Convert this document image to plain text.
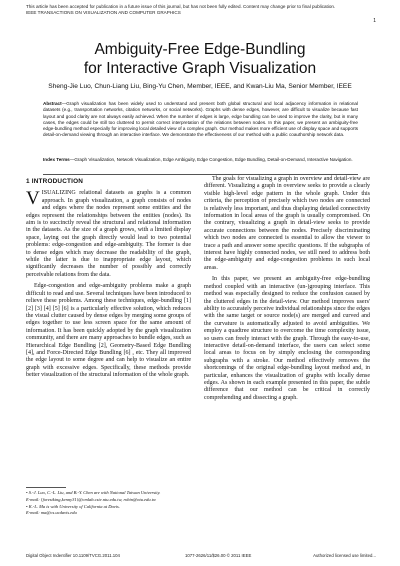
This article has been accepted for publication in a future issue of this journal, but has not been fully edited. Content may change prior to final publication.
IEEE TRANSACTIONS ON VISUALIZATION AND COMPUTER GRAPHICS
1
Ambiguity-Free Edge-Bundling
for Interactive Graph Visualization
Sheng-Jie Luo, Chun-Liang Liu, Bing-Yu Chen, Member, IEEE, and Kwan-Liu Ma, Senior Member, IEEE
Abstract—Graph visualization has been widely used to understand and present both global structural and local adjacency information in relational datasets (e.g., transportation networks, citation networks, or social networks). Graphs with dense edges, however, are difficult to visualize because fast layout and good clarity are not always easily achieved. When the number of edges is large, edge bundling can be used to improve the clarity, but in many cases, the edges could be still too cluttered to permit correct interpretation of the relations between nodes. In this paper, we present an ambiguity-free edge-bundling method especially for improving local detailed view of a complex graph. Our method makes more efficient use of display space and supports detail-on-demand viewing through an interactive interface. We demonstrate the effectiveness of our method with a public coauthorship network data.
Index Terms—Graph Visualization, Network Visualization, Edge Ambiguity, Edge Congestion, Edge Bundling, Detail-on-Demand, Interactive Navigation.
1 INTRODUCTION

VISUALIZING relational datasets as graphs is a common approach. In graph visualization, a graph consists of nodes and edges where the nodes represent some entities and the edges represent the relationships between the entities (nodes). Its aim is to succinctly reveal the structural and relational information in the datasets. As the size of a graph grows, with a limited display space, laying out the graph directly would lead to two potential problems: edge-congestion and edge-ambiguity. The former is due to dense edges which may decrease the readability of the graph, while the latter is due to inappropriate edge layout, which significantly decreases the number of possibly and correctly perceivable relations from the data.

Edge-congestion and edge-ambiguity problems make a graph difficult to read and use. Several techniques have been introduced to relieve these problems. Among these techniques, edge-bundling [1] [2] [3] [4] [5] [6] is a particularly effective solution, which reduces the visual clutter caused by dense edges by merging some groups of edges together to use less screen space for the same amount of information. It has been quickly adopted by the graph visualization community, and there are many approaches to bundle edges, such as Hierarchical Edge Bundling [2], Geometry-Based Edge Bundling [4], and Force-Directed Edge Bundling [6] , etc. They all improved the edge layout to some degree and can help to visualize an entire graph with excessive edges. Specifically, these methods provide better visualization of the structural information of the whole graph.

The goals for visualizing a graph in overview and detail-view are different. Visualizing a graph in overview seeks to provide a clearly visible high-level edge pattern in the whole graph. Under this criteria, the perception of precisely which two nodes are connected is relatively less important, and thus displaying detailed connectivity information in local areas of the graph is usually compromised. On the contrary, visualizing a graph in detail-view seeks to provide accurate connections between the nodes. Precisely discriminating which two nodes are connected is essential to allow the viewer to trace a path and answer some specific questions. If the subgraphs of interest have highly connected nodes, we still need to address both the edge-ambiguity and edge-congestion problems in such local areas.

In this paper, we present an ambiguity-free edge-bundling method coupled with an interactive (un-)grouping interface. This method was especially designed to reduce the confusion caused by the cluttered edges in the detail-view. Our method improves users' ability to accurately perceive individual relationships since the edges with the same target or source node(s) are merged and curved and the curvature is automatically adjusted to avoid ambiguities. We employ a quadtree structure to overcome the time complexity issue, so users can freely interact with the graph. Through the easy-to-use, interactive detail-on-demand interface, the users can select some local areas to focus on by simply enclosing the corresponding subgraphs with a stroke. Our method effectively removes the shortcomings of the original edge-bundling layout method and, in particular, enhances the visualization of graphs with locally dense edges. As shown in each example presented in this paper, the subtle difference that our method can be critical in correctly comprehending and dissecting a graph.

• S.-J. Luo, C.-L. Liu, and B.-Y. Chen are with National Taiwan University.
E-mail: {forestking,kenny31}@cmlab.csie.ntu.edu.tw, robin@ntu.edu.tw
• K.-L. Ma is with University of California at Davis.
E-mail: ma@cs.ucdavis.edu
Digital Object Indentifier 10.1109/TVCG.2011.104	1077-2626/11/$26.00 © 2011 IEEE	Authorized licensed use limited...
